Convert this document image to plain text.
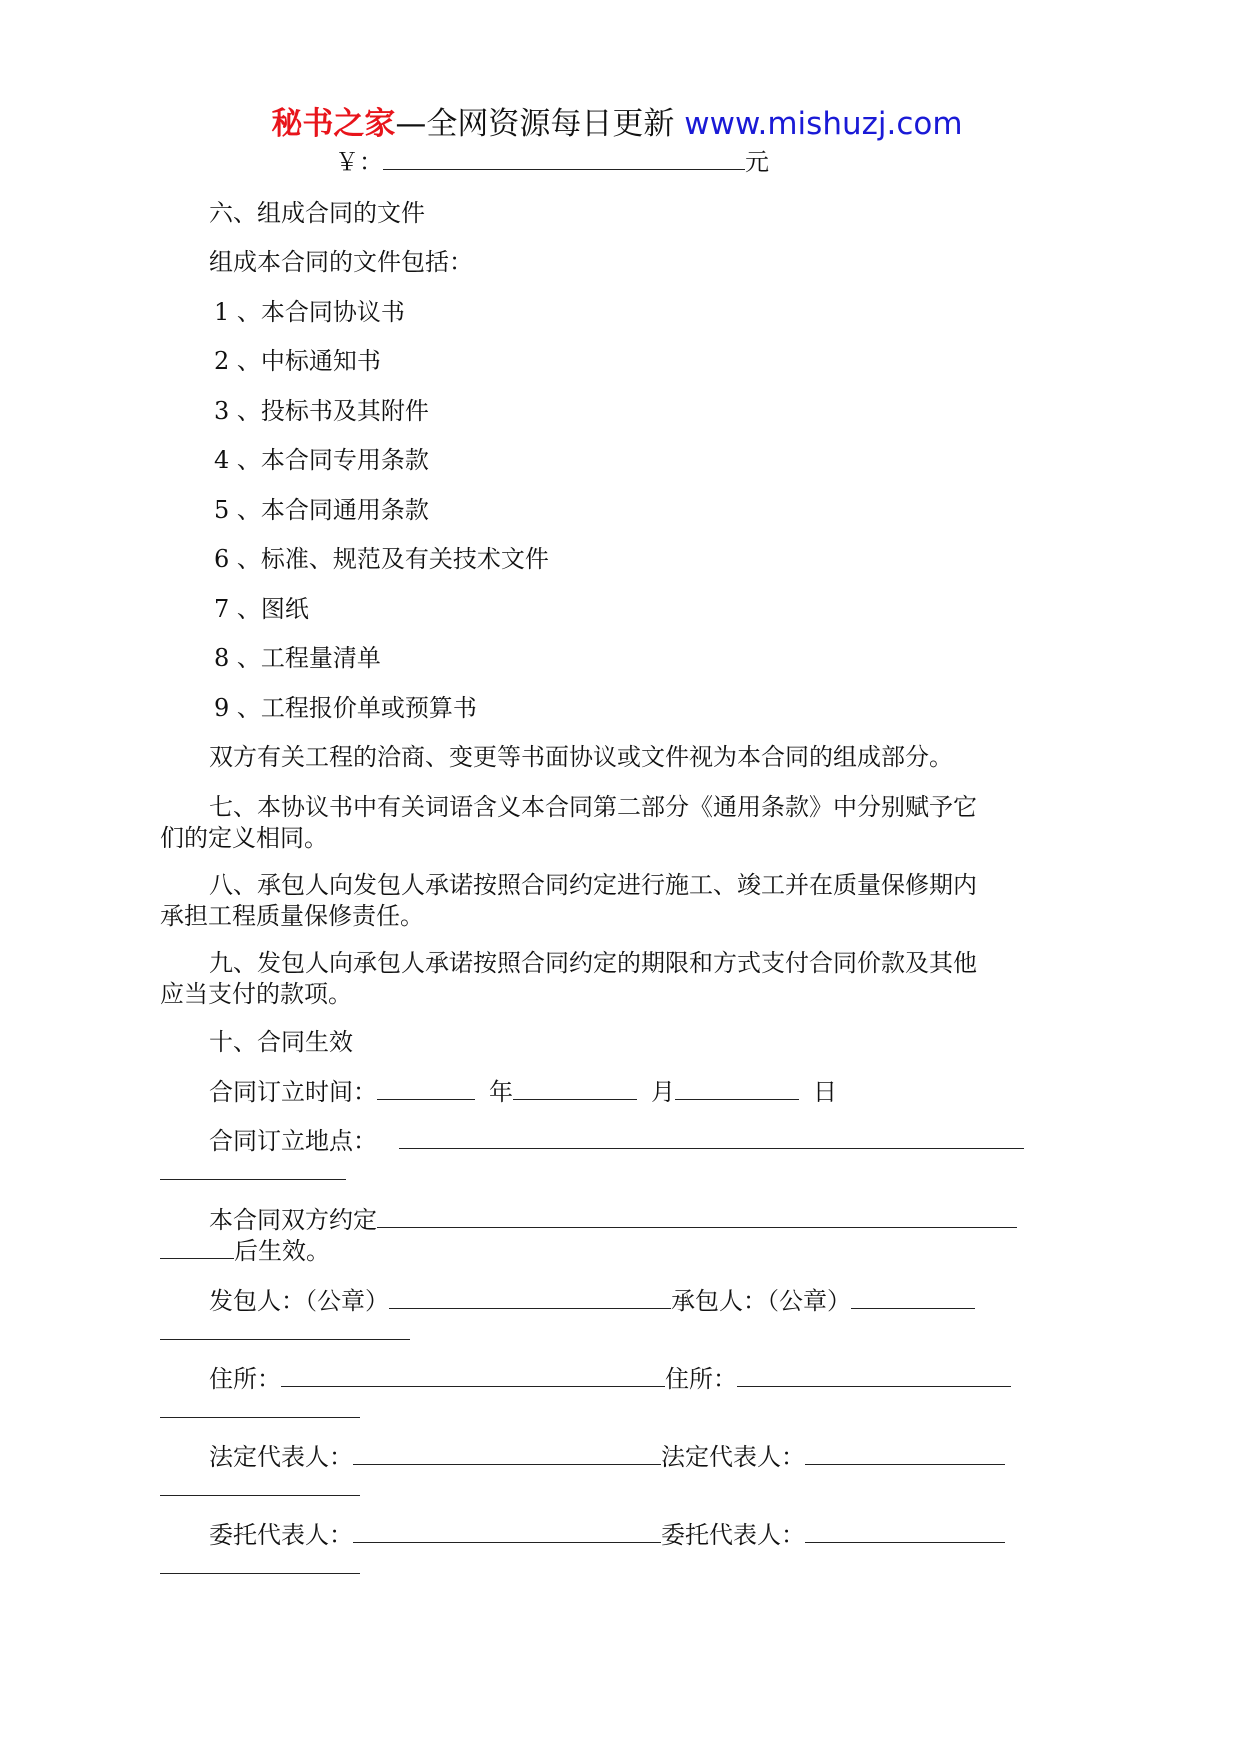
秘书之家—全网资源每日更新 www.mishuzj.com
￥：	元
六、组成合同的文件
组成本合同的文件包括：
1 、本合同协议书
2 、中标通知书
3 、投标书及其附件
4 、本合同专用条款
5 、本合同通用条款
6 、标准、规范及有关技术文件
7 、图纸
8 、工程量清单
9 、工程报价单或预算书
双方有关工程的洽商、变更等书面协议或文件视为本合同的组成部分。
七、本协议书中有关词语含义本合同第二部分《通用条款》中分别赋予它
们的定义相同。
八、承包人向发包人承诺按照合同约定进行施工、竣工并在质量保修期内
承担工程质量保修责任。
九、发包人向承包人承诺按照合同约定的期限和方式支付合同价款及其他
应当支付的款项。
十、合同生效
合同订立时间：	年	月	日
合同订立地点：
本合同双方约定
后生效。
发包人：（公章）	承包人：（公章）
住所：	住所：
法定代表人：	法定代表人：
委托代表人：	委托代表人：
